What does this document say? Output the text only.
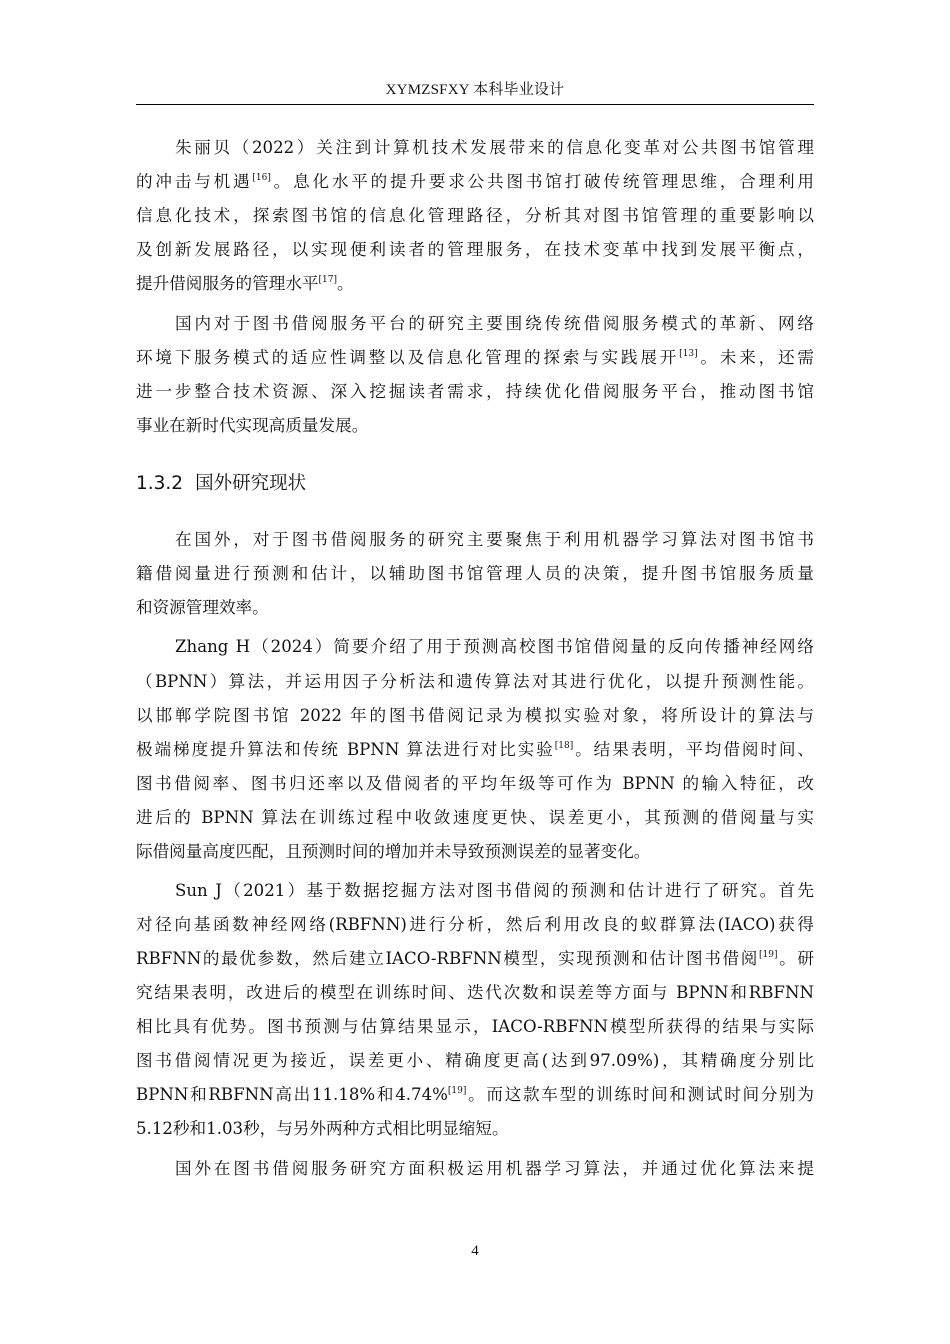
XYMZSFXY 本科毕业设计
朱丽贝（2022）关注到计算机技术发展带来的信息化变革对公共图书馆管理
的冲击与机遇[16]。息化水平的提升要求公共图书馆打破传统管理思维，合理利用
信息化技术，探索图书馆的信息化管理路径，分析其对图书馆管理的重要影响以
及创新发展路径，以实现便利读者的管理服务，在技术变革中找到发展平衡点，
提升借阅服务的管理水平[17]。
国内对于图书借阅服务平台的研究主要围绕传统借阅服务模式的革新、网络
环境下服务模式的适应性调整以及信息化管理的探索与实践展开[13]。未来，还需
进一步整合技术资源、深入挖掘读者需求，持续优化借阅服务平台，推动图书馆
事业在新时代实现高质量发展。
1.3.2 国外研究现状
在国外，对于图书借阅服务的研究主要聚焦于利用机器学习算法对图书馆书
籍借阅量进行预测和估计，以辅助图书馆管理人员的决策，提升图书馆服务质量
和资源管理效率。
Zhang H（2024）简要介绍了用于预测高校图书馆借阅量的反向传播神经网络
（BPNN）算法，并运用因子分析法和遗传算法对其进行优化，以提升预测性能。
以邯郸学院图书馆 2022 年的图书借阅记录为模拟实验对象，将所设计的算法与
极端梯度提升算法和传统 BPNN 算法进行对比实验[18]。结果表明，平均借阅时间、
图书借阅率、图书归还率以及借阅者的平均年级等可作为 BPNN 的输入特征，改
进后的 BPNN 算法在训练过程中收敛速度更快、误差更小，其预测的借阅量与实
际借阅量高度匹配，且预测时间的增加并未导致预测误差的显著变化。
Sun J（2021）基于数据挖掘方法对图书借阅的预测和估计进行了研究。首先
对径向基函数神经网络(RBFNN)进行分析，然后利用改良的蚁群算法(IACO)获得
RBFNN的最优参数，然后建立IACO-RBFNN模型，实现预测和估计图书借阅[19]。研
究结果表明，改进后的模型在训练时间、迭代次数和误差等方面与 BPNN和RBFNN
相比具有优势。图书预测与估算结果显示，IACO-RBFNN模型所获得的结果与实际
图书借阅情况更为接近，误差更小、精确度更高(达到97.09%)，其精确度分别比
BPNN和RBFNN高出11.18%和4.74%[19]。而这款车型的训练时间和测试时间分别为
5.12秒和1.03秒，与另外两种方式相比明显缩短。
国外在图书借阅服务研究方面积极运用机器学习算法，并通过优化算法来提
4
